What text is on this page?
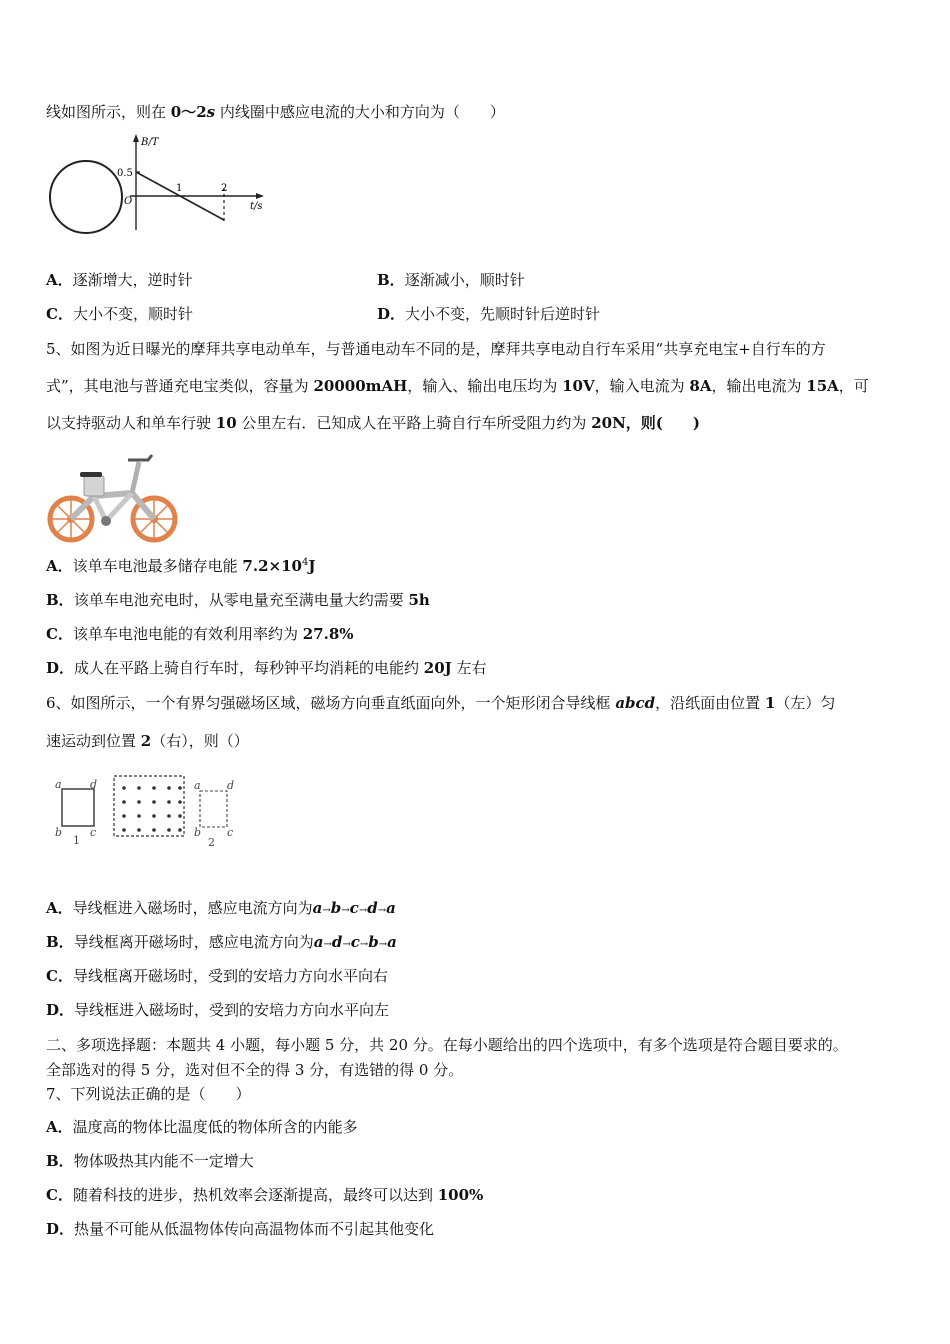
线如图所示，则在 0～2s 内线圈中感应电流的大小和方向为（　　）
B/T
0.5
O
1	2
t/s
A．逐渐增大，逆时针	B．逐渐减小，顺时针
C．大小不变，顺时针	D．大小不变，先顺时针后逆时针
5、如图为近日曝光的摩拜共享电动单车，与普通电动车不同的是，摩拜共享电动自行车采用“共享充电宝+自行车的方
式”，其电池与普通充电宝类似，容量为 20000mAH，输入、输出电压均为 10V，输入电流为 8A，输出电流为 15A，可
以支持驱动人和单车行驶 10 公里左右．已知成人在平路上骑自行车所受阻力约为 20N，则(　　)
A．该单车电池最多储存电能 $7.2\times 10^4J$
B．该单车电池充电时，从零电量充至满电量大约需要 5h
C．该单车电池电能的有效利用率约为 27.8%
D．成人在平路上骑自行车时，每秒钟平均消耗的电能约 20J 左右
6、如图所示，一个有界匀强磁场区域，磁场方向垂直纸面向外，一个矩形闭合导线框 abcd，沿纸面由位置 1（左）匀
速运动到位置 2（右），则（）
a	d
b	c
1
a d
b c
2
A．导线框进入磁场时，感应电流方向为a→b→c→d→a
B．导线框离开磁场时，感应电流方向为a→d→c→b→a
C．导线框离开磁场时，受到的安培力方向水平向右
D．导线框进入磁场时，受到的安培力方向水平向左
二、多项选择题：本题共 4 小题，每小题 5 分，共 20 分。在每小题给出的四个选项中，有多个选项是符合题目要求的。
全部选对的得 5 分，选对但不全的得 3 分，有选错的得 0 分。
7、下列说法正确的是（　　）
A．温度高的物体比温度低的物体所含的内能多
B．物体吸热其内能不一定增大
C．随着科技的进步，热机效率会逐渐提高，最终可以达到 100%
D．热量不可能从低温物体传向高温物体而不引起其他变化
